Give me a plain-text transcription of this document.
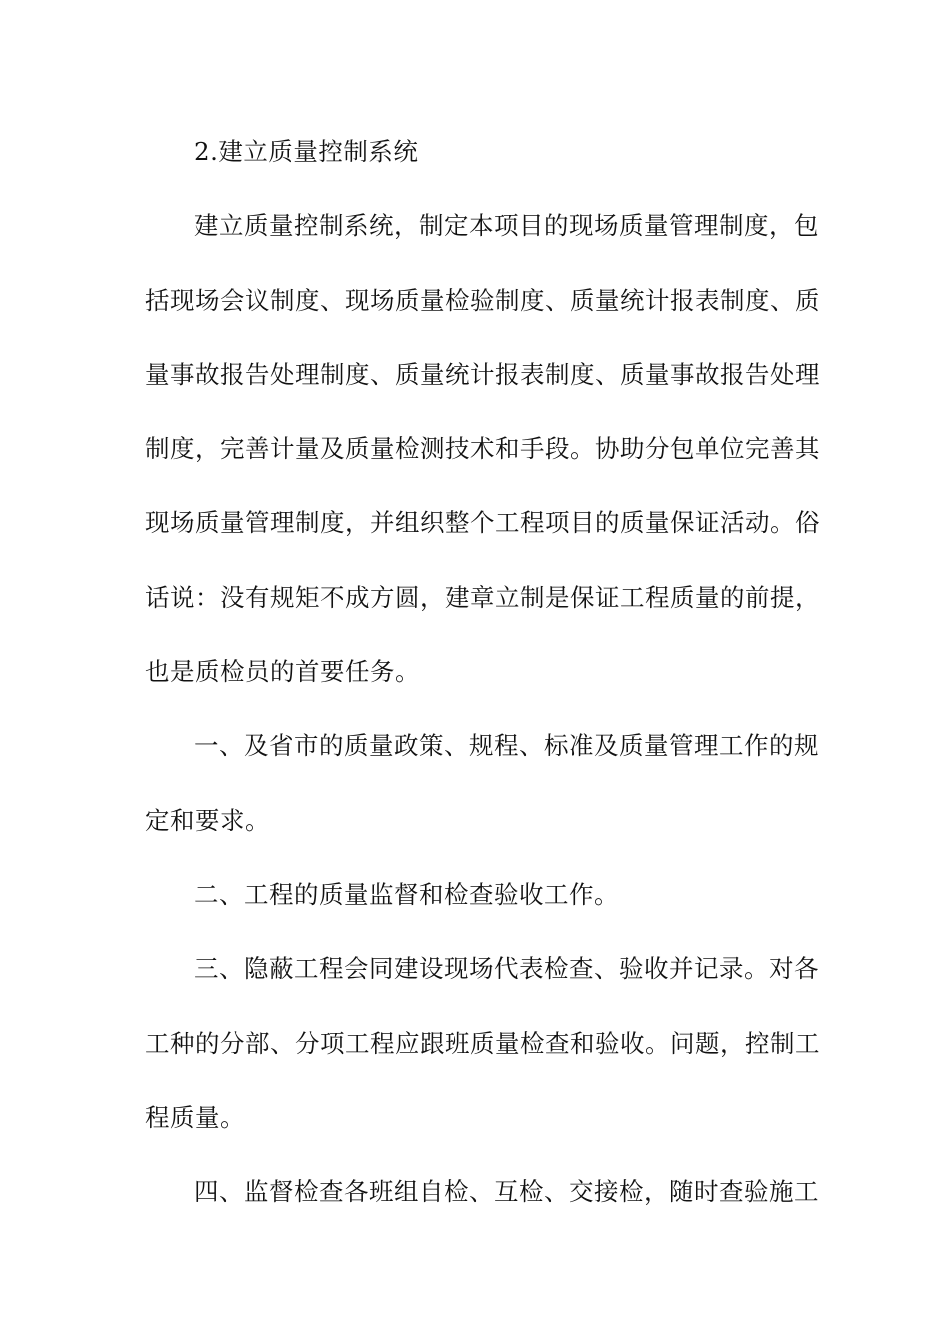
2.建立质量控制系统
建立质量控制系统，制定本项目的现场质量管理制度，包
括现场会议制度、现场质量检验制度、质量统计报表制度、质
量事故报告处理制度、质量统计报表制度、质量事故报告处理
制度，完善计量及质量检测技术和手段。协助分包单位完善其
现场质量管理制度，并组织整个工程项目的质量保证活动。俗
话说：没有规矩不成方圆，建章立制是保证工程质量的前提，
也是质检员的首要任务。
一、及省市的质量政策、规程、标准及质量管理工作的规
定和要求。
二、工程的质量监督和检查验收工作。
三、隐蔽工程会同建设现场代表检查、验收并记录。对各
工种的分部、分项工程应跟班质量检查和验收。问题，控制工
程质量。
四、监督检查各班组自检、互检、交接检，随时查验施工
